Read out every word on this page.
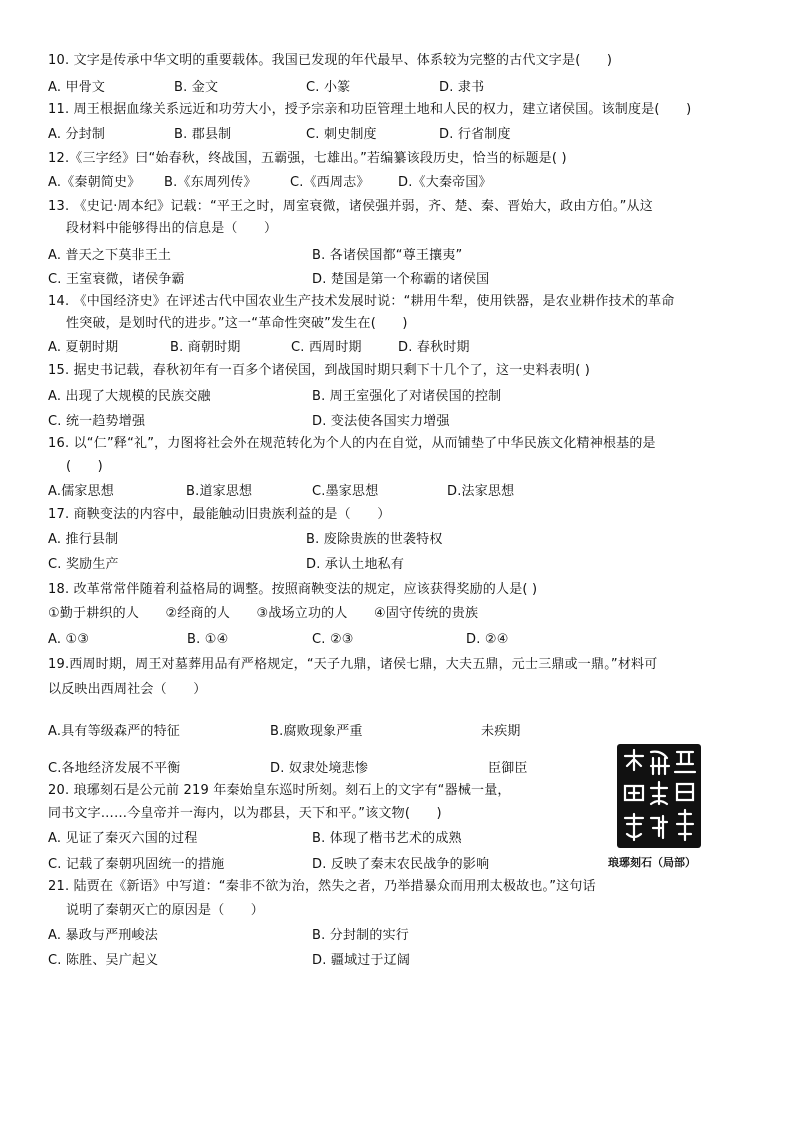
10. 文字是传承中华文明的重要载体。我国已发现的年代最早、体系较为完整的古代文字是(　　)
A. 甲骨文	B. 金文	C. 小篆	D. 隶书
11. 周王根据血缘关系远近和功劳大小，授予宗亲和功臣管理土地和人民的权力，建立诸侯国。该制度是(　　)
A. 分封制	B. 郡县制	C. 刺史制度	D. 行省制度
12.《三字经》曰“始春秋，终战国，五霸强，七雄出。”若编纂该段历史，恰当的标题是( )
A.《秦朝简史》 B.《东周列传》	C.《西周志》 D.《大秦帝国》
13. 《史记·周本纪》记载：“平王之时，周室衰微，诸侯强并弱，齐、楚、秦、晋始大，政由方伯。”从这
段材料中能够得出的信息是（　　）
A. 普天之下莫非王土	B. 各诸侯国都“尊王攘夷”
C. 王室衰微，诸侯争霸	D. 楚国是第一个称霸的诸侯国
14. 《中国经济史》在评述古代中国农业生产技术发展时说：“耕用牛犁，使用铁器，是农业耕作技术的革命
性突破，是划时代的进步。”这一“革命性突破”发生在(　　)
A. 夏朝时期	B. 商朝时期	C. 西周时期	D. 春秋时期
15. 据史书记载，春秋初年有一百多个诸侯国，到战国时期只剩下十几个了，这一史料表明( )
A. 出现了大规模的民族交融	B. 周王室强化了对诸侯国的控制
C. 统一趋势增强	D. 变法使各国实力增强
16. 以“仁”释“礼”，力图将社会外在规范转化为个人的内在自觉，从而铺垫了中华民族文化精神根基的是
(　　)
A.儒家思想	B.道家思想	C.墨家思想	D.法家思想
17. 商鞅变法的内容中，最能触动旧贵族利益的是（　　）
A. 推行县制	B. 废除贵族的世袭特权
C. 奖励生产	D. 承认土地私有
18. 改革常常伴随着利益格局的调整。按照商鞅变法的规定，应该获得奖励的人是( )
①勤于耕织的人　　②经商的人　　③战场立功的人　　④固守传统的贵族
A. ①③	B. ①④	C. ②③	D. ②④
19.西周时期，周王对墓葬用品有严格规定，“天子九鼎，诸侯七鼎，大夫五鼎，元士三鼎或一鼎。”材料可
以反映出西周社会（　　）
A.具有等级森严的特征	B.腐败现象严重
C.各地经济发展不平衡	D. 奴隶处境悲惨
未疾期
臣御臣
20. 琅琊刻石是公元前 219 年秦始皇东巡时所刻。刻石上的文字有“器械一量，
同书文字……今皇帝并一海内，以为郡县，天下和平。”该文物(　　)
A. 见证了秦灭六国的过程	B. 体现了楷书艺术的成熟
C. 记载了秦朝巩固统一的措施	D. 反映了秦末农民战争的影响	琅琊刻石（局部）
21. 陆贾在《新语》中写道：“秦非不欲为治，然失之者，乃举措暴众而用刑太极故也。”这句话
说明了秦朝灭亡的原因是（　　）
A. 暴政与严刑峻法	B. 分封制的实行
C. 陈胜、吴广起义	D. 疆域过于辽阔
